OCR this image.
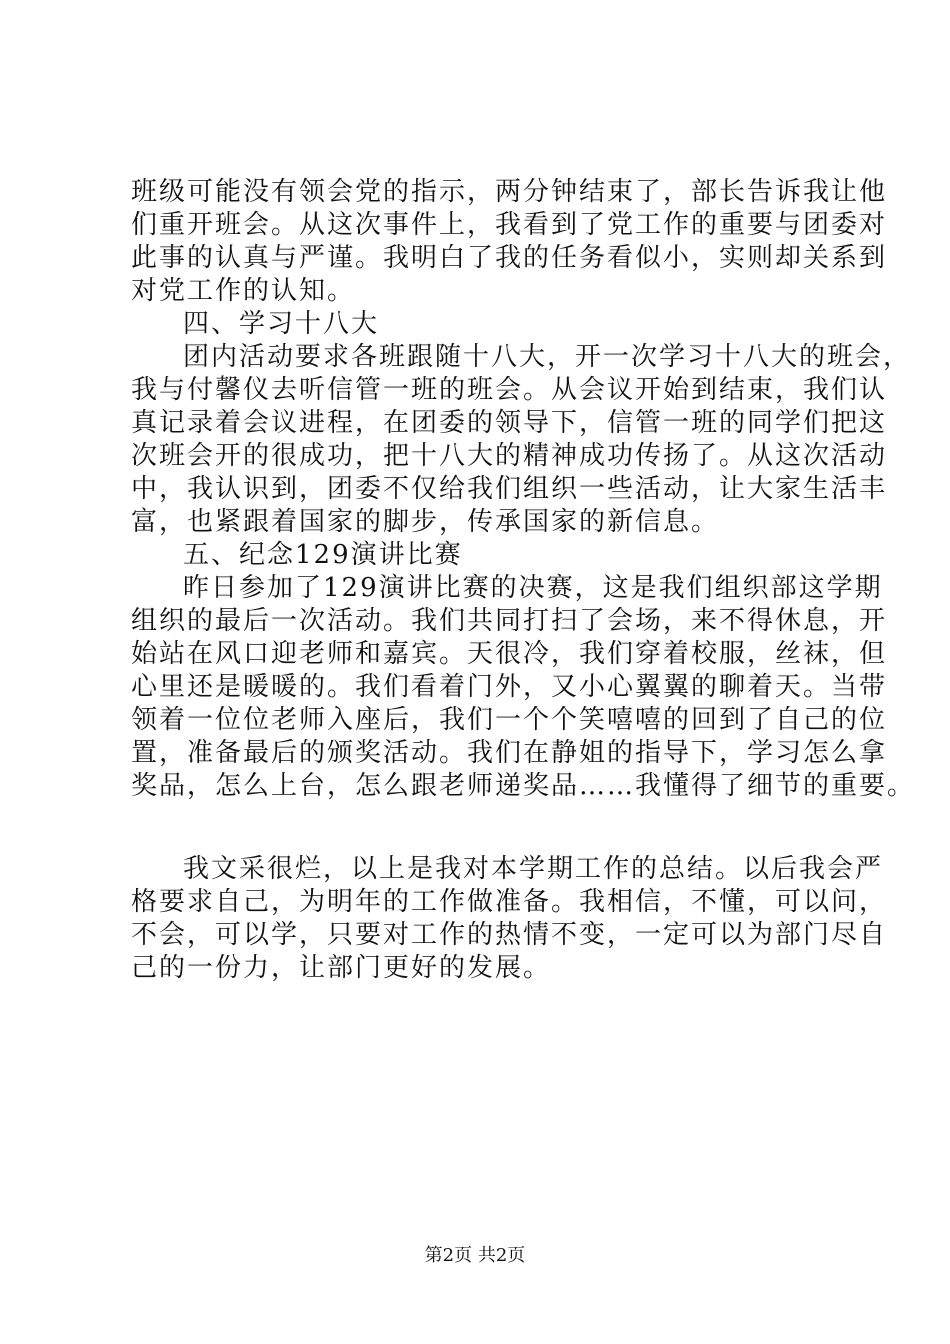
班级可能没有领会党的指示，两分钟结束了，部长告诉我让他
们重开班会。从这次事件上，我看到了党工作的重要与团委对
此事的认真与严谨。我明白了我的任务看似小，实则却关系到
对党工作的认知。
四、学习十八大
团内活动要求各班跟随十八大，开一次学习十八大的班会，
我与付馨仪去听信管一班的班会。从会议开始到结束，我们认
真记录着会议进程，在团委的领导下，信管一班的同学们把这
次班会开的很成功，把十八大的精神成功传扬了。从这次活动
中，我认识到，团委不仅给我们组织一些活动，让大家生活丰
富，也紧跟着国家的脚步，传承国家的新信息。
五、纪念129演讲比赛
昨日参加了129演讲比赛的决赛，这是我们组织部这学期
组织的最后一次活动。我们共同打扫了会场，来不得休息，开
始站在风口迎老师和嘉宾。天很冷，我们穿着校服，丝袜，但
心里还是暖暖的。我们看着门外，又小心翼翼的聊着天。当带
领着一位位老师入座后，我们一个个笑嘻嘻的回到了自己的位
置，准备最后的颁奖活动。我们在静姐的指导下，学习怎么拿
奖品，怎么上台，怎么跟老师递奖品……我懂得了细节的重要。
我文采很烂，以上是我对本学期工作的总结。以后我会严
格要求自己，为明年的工作做准备。我相信，不懂，可以问，
不会，可以学，只要对工作的热情不变，一定可以为部门尽自
己的一份力，让部门更好的发展。
第2页 共2页
